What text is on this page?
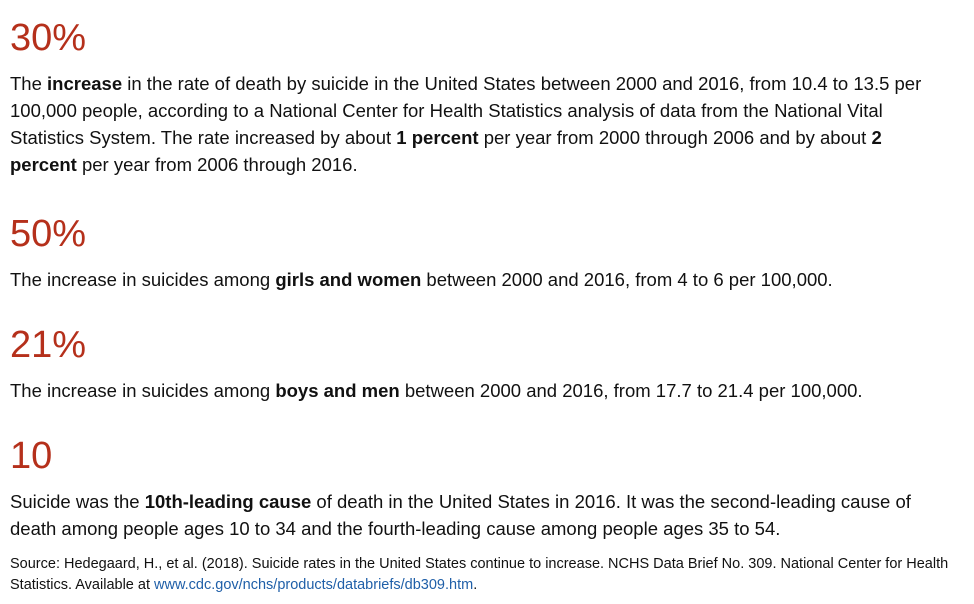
30%

The increase in the rate of death by suicide in the United States between 2000 and 2016, from 10.4 to 13.5 per 100,000 people, according to a National Center for Health Statistics analysis of data from the National Vital Statistics System. The rate increased by about 1 percent per year from 2000 through 2006 and by about 2 percent per year from 2006 through 2016.

50%

The increase in suicides among girls and women between 2000 and 2016, from 4 to 6 per 100,000.

21%

The increase in suicides among boys and men between 2000 and 2016, from 17.7 to 21.4 per 100,000.

10

Suicide was the 10th-leading cause of death in the United States in 2016. It was the second-leading cause of death among people ages 10 to 34 and the fourth-leading cause among people ages 35 to 54.

Source: Hedegaard, H., et al. (2018). Suicide rates in the United States continue to increase. NCHS Data Brief No. 309. National Center for Health Statistics. Available at www.cdc.gov/nchs/products/databriefs/db309.htm.
